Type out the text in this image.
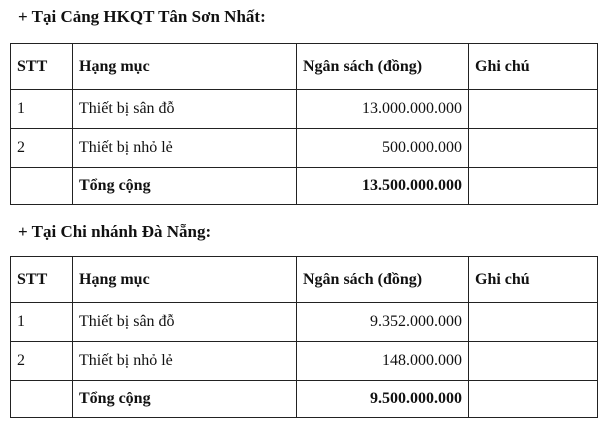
+ Tại Cảng HKQT Tân Sơn Nhất:
STT	Hạng mục	Ngân sách (đồng)	Ghi chú
1	Thiết bị sân đỗ	13.000.000.000	
2	Thiết bị nhỏ lẻ	500.000.000	
	Tổng cộng	13.500.000.000	
+ Tại Chi nhánh Đà Nẵng:
STT	Hạng mục	Ngân sách (đồng)	Ghi chú
1	Thiết bị sân đỗ	9.352.000.000	
2	Thiết bị nhỏ lẻ	148.000.000	
	Tổng cộng	9.500.000.000	
